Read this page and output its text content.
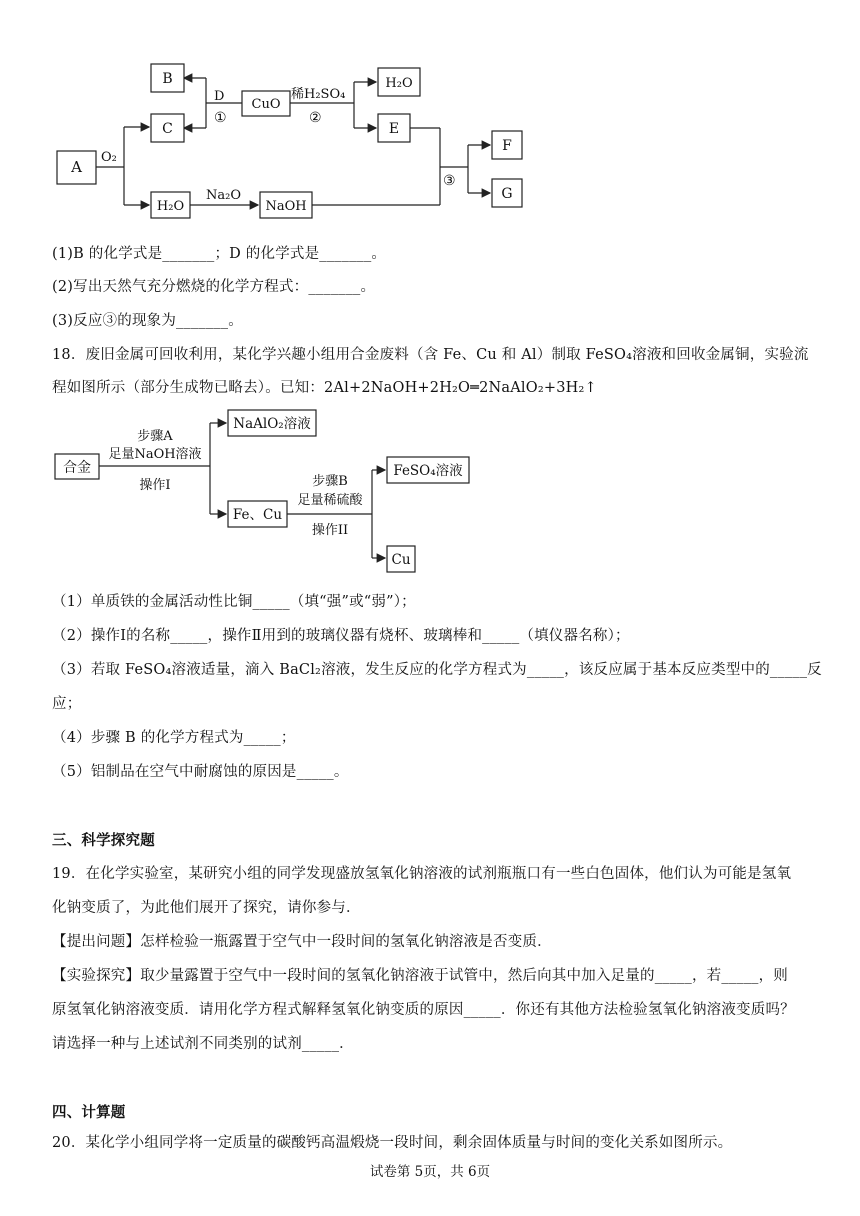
A
B
C
CuO
H₂O
E
F
G
H₂O	NaOH
D
①
稀H₂SO₄
②
O₂
Na₂O
③
(1)B 的化学式是_______；D 的化学式是_______。
(2)写出天然气充分燃烧的化学方程式：_______。
(3)反应③的现象为_______。
18．废旧金属可回收利用，某化学兴趣小组用合金废料（含 Fe、Cu 和 Al）制取 FeSO₄溶液和回收金属铜，实验流
程如图所示（部分生成物已略去）。已知：2Al+2NaOH+2H₂O═2NaAlO₂+3H₂↑
合金
NaAlO₂溶液
Fe、Cu
FeSO₄溶液
Cu
步骤A
足量NaOH溶液
操作I	步骤B
足量稀硫酸
操作II
（1）单质铁的金属活动性比铜_____（填“强”或“弱”）；
（2）操作Ⅰ的名称_____，操作Ⅱ用到的玻璃仪器有烧杯、玻璃棒和_____（填仪器名称）；
（3）若取 FeSO₄溶液适量，滴入 BaCl₂溶液，发生反应的化学方程式为_____，该反应属于基本反应类型中的_____反
应；
（4）步骤 B 的化学方程式为_____；
（5）铝制品在空气中耐腐蚀的原因是_____。
三、科学探究题
19．在化学实验室，某研究小组的同学发现盛放氢氧化钠溶液的试剂瓶瓶口有一些白色固体，他们认为可能是氢氧
化钠变质了，为此他们展开了探究，请你参与．
【提出问题】怎样检验一瓶露置于空气中一段时间的氢氧化钠溶液是否变质．
【实验探究】取少量露置于空气中一段时间的氢氧化钠溶液于试管中，然后向其中加入足量的_____，若_____，则
原氢氧化钠溶液变质．请用化学方程式解释氢氧化钠变质的原因_____．你还有其他方法检验氢氧化钠溶液变质吗？
请选择一种与上述试剂不同类别的试剂_____．
四、计算题
20．某化学小组同学将一定质量的碳酸钙高温煅烧一段时间，剩余固体质量与时间的变化关系如图所示。
试卷第 5页，共 6页
